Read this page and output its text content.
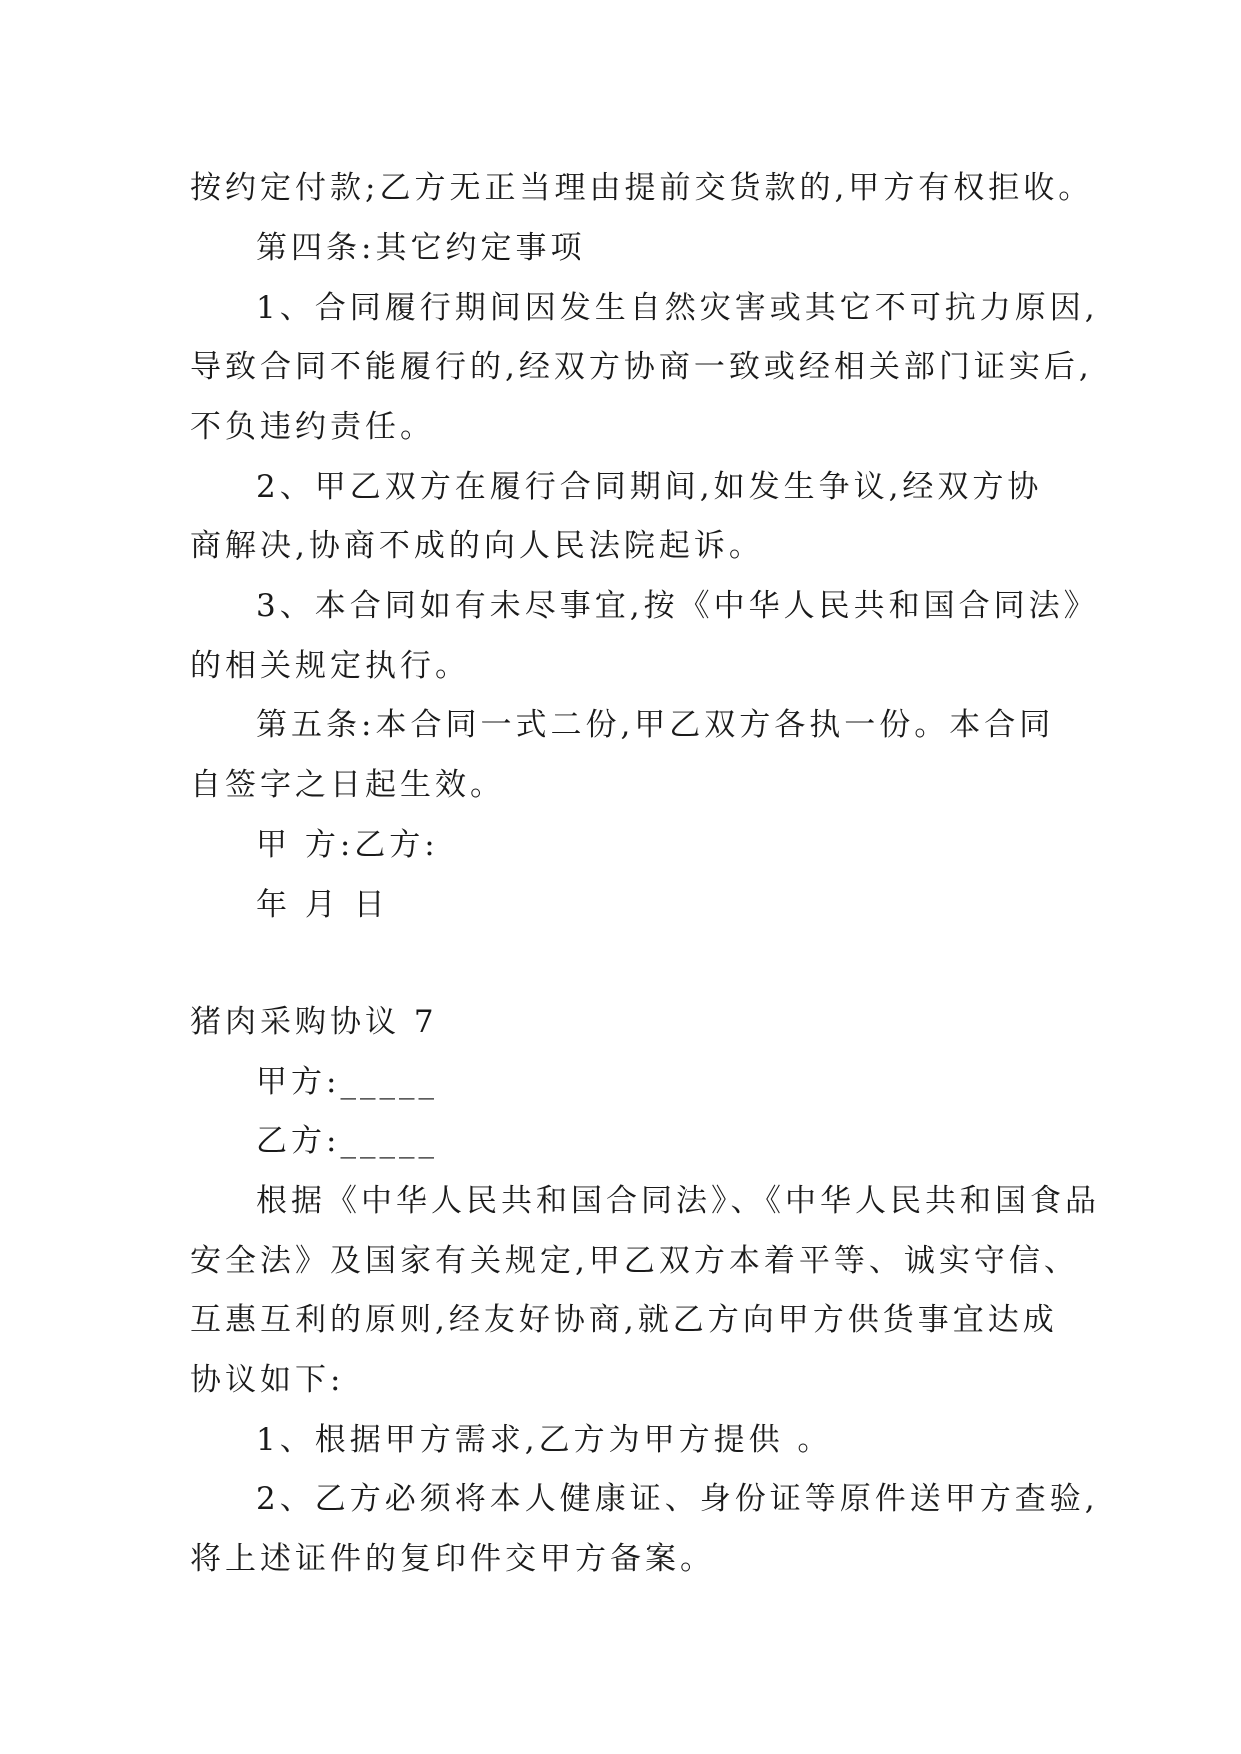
按约定付款;乙方无正当理由提前交货款的,甲方有权拒收。
第四条:其它约定事项
1、合同履行期间因发生自然灾害或其它不可抗力原因,
导致合同不能履行的,经双方协商一致或经相关部门证实后,
不负违约责任。
2、甲乙双方在履行合同期间,如发生争议,经双方协
商解决,协商不成的向人民法院起诉。
3、本合同如有未尽事宜,按《中华人民共和国合同法》
的相关规定执行。
第五条:本合同一式二份,甲乙双方各执一份。本合同
自签字之日起生效。
甲 方:乙方:
年 月 日
猪肉采购协议 7
甲方:_____
乙方:_____
根据《中华人民共和国合同法》、《中华人民共和国食品
安全法》及国家有关规定,甲乙双方本着平等、诚实守信、
互惠互利的原则,经友好协商,就乙方向甲方供货事宜达成
协议如下:
1、根据甲方需求,乙方为甲方提供 。
2、乙方必须将本人健康证、身份证等原件送甲方查验,
将上述证件的复印件交甲方备案。
